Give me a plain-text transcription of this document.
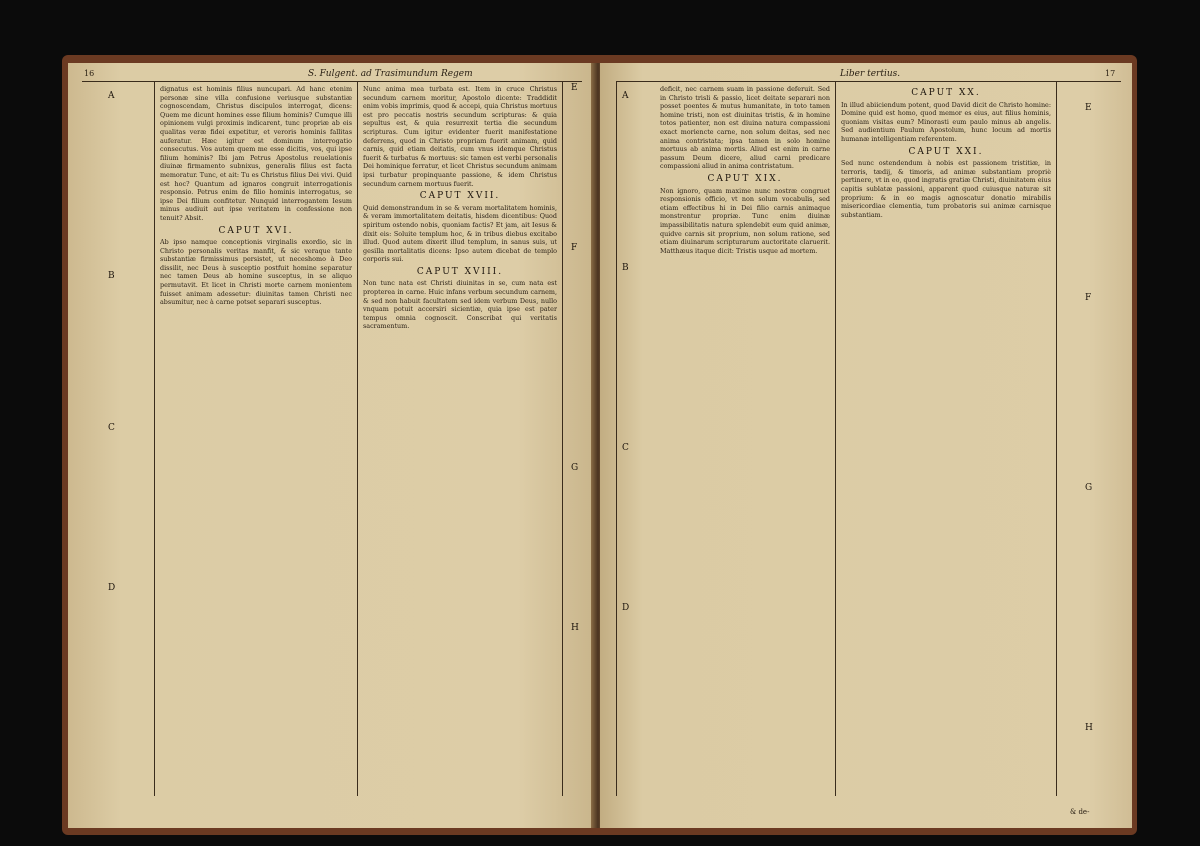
16	S. Fulgent. ad Trasimundum Regem
A
B
C
D
E
F
G
H

dignatus est hominis filius nuncupari. Ad hanc etenim personæ sine villa confusione veriusque substantiæ cognoscendam, Christus discipulos interrogat, dicens: Quem me dicunt homines esse filium hominis? Cumque illi opinionem vulgi proximis indicarent, tunc propriæ ab eis qualitas veræ fidei expetitur, et veroris hominis fallitas auferatur. Hæc igitur est dominum interrogatio consecutus. Vos autem quem me esse dicitis, vos, qui ipse filium hominis? Ibi jam Petrus Apostolus reuelationis diuinæ firmamento subnixus, generalis filius est facta memoratur. Tunc, et ait: Tu es Christus filius Dei vivi. Quid est hoc? Quantum ad ignaros congruit interrogationis responsio. Petrus enim de filio hominis interrogatus, se ipse Dei filium confitetur. Nunquid interrogantem Iesum minus audiuit aut ipse veritatem in confessione non tenuit? Absit.

CAPUT XVI.

Ab ipso namque conceptionis virginalis exordio, sic in Christo personalis veritas manfit, & sic veraque tante substantiæ firmissimus persistet, ut neceshomo à Deo dissilit, nec Deus à susceptio postfuit homine separatur nec tamen Deus ab homine susceptus, in se aliquo permutavit. Et licet in Christi morte carnem monientem fuisset animam adessetur: diuinitas tamen Christi nec absumitur, nec à carne potset separari susceptus.

Nunc anima mea turbata est. Item in cruce Christus secundum carnem moritur, Apostolo dicente: Traddidit enim vobis imprimis, quod & accepi, quia Christus mortuus est pro peccatis nostris secundum scripturas: & quia sepultus est, & quia resurrexit tertia die secundum scripturas. Cum igitur evidenter fuerit manifestatione deferrens, quod in Christo propriam fuerit animam, quid carnis, quid etiam deitatis, cum vnus idemque Christus fuerit & turbatus & mortuus: sic tamen est verbi personalis Dei hominique ferratur, et licet Christus secundum animam ipsi turbatur propinquante passione, & idem Christus secundum carnem mortuus fuerit.

CAPUT XVII.

Quid demonstrandum in se & veram mortalitatem hominis, & veram immortalitatem deitatis, hisdem dicentibus: Quod spiritum ostendo nobis, quoniam factis? Et jam, ait Iesus & dixit eis: Soluite templum hoc, & in tribus diebus excitabo illud. Quod autem dixerit illud templum, in sanus suis, ut gesilla mortalitatis dicens: Ipso autem dicebat de templo corporis sui.

CAPUT XVIII.

Non tunc nata est Christi diuinitas in se, cum nata est propterea in carne. Huic infans verbum secundum carnem, & sed non habuit facultatem sed idem verbum Deus, nullo vnquam potuit accersiri sicientiæ, quia ipse est pater tempus omnia cognoscit. Conscribat qui veritatis sacramentum.

Liber tertius.	17
A
B
C
D
E
F
G
H

deficit, nec carnem suam in passione deferuit. Sed in Christo trisli & passio, licet deitate separari non posset poentes & mutus humanitate, in toto tamen homine tristi, non est diuinitas tristis, & in homine totos patienter, non est diuina natura compassioni exact moriencte carne, non solum deitas, sed nec anima contristata; ipsa tamen in solo homine mortuus ab anima mortis. Aliud est enim in carne passum Deum dicere, aliud carni predicare compassioni aliud in anima contristatum.

CAPUT XIX.

Non ignoro, quam maxime nunc nostræ congruet responsionis officio, vt non solum vocabulis, sed etiam effectibus hi in Dei filio carnis animaque monstrentur propriæ. Tunc enim diuinæ impassibilitatis natura splendebit eum quid animæ, quidve carnis sit proprium, non solum ratione, sed etiam diuinarum scripturarum auctoritate claruerit. Matthæus itaque dicit: Tristis usque ad mortem.

CAPUT XX.

In illud abiiciendum potent, quod David dicit de Christo homine: Domine quid est homo, quod memor es eius, aut filius hominis, quoniam visitas eum? Minorasti eum paulo minus ab angelis. Sed audientium Paulum Apostolum, hunc locum ad mortis humanæ intelligentiam referentem.

CAPUT XXI.

Sed nunc ostendendum à nobis est passionem tristitiæ, in terroris, tædij, & timoris, ad animæ substantiam propriè pertinere, vt in eo, quod ingratis gratiæ Christi, diuinitatem eius capitis sublatæ passioni, apparent quod cuiusque naturæ sit proprium: & in eo magis agnoscatur donatio mirabilis misericordiae clementia, tum probatoris sui animæ carnisque substantiam.

& de-
